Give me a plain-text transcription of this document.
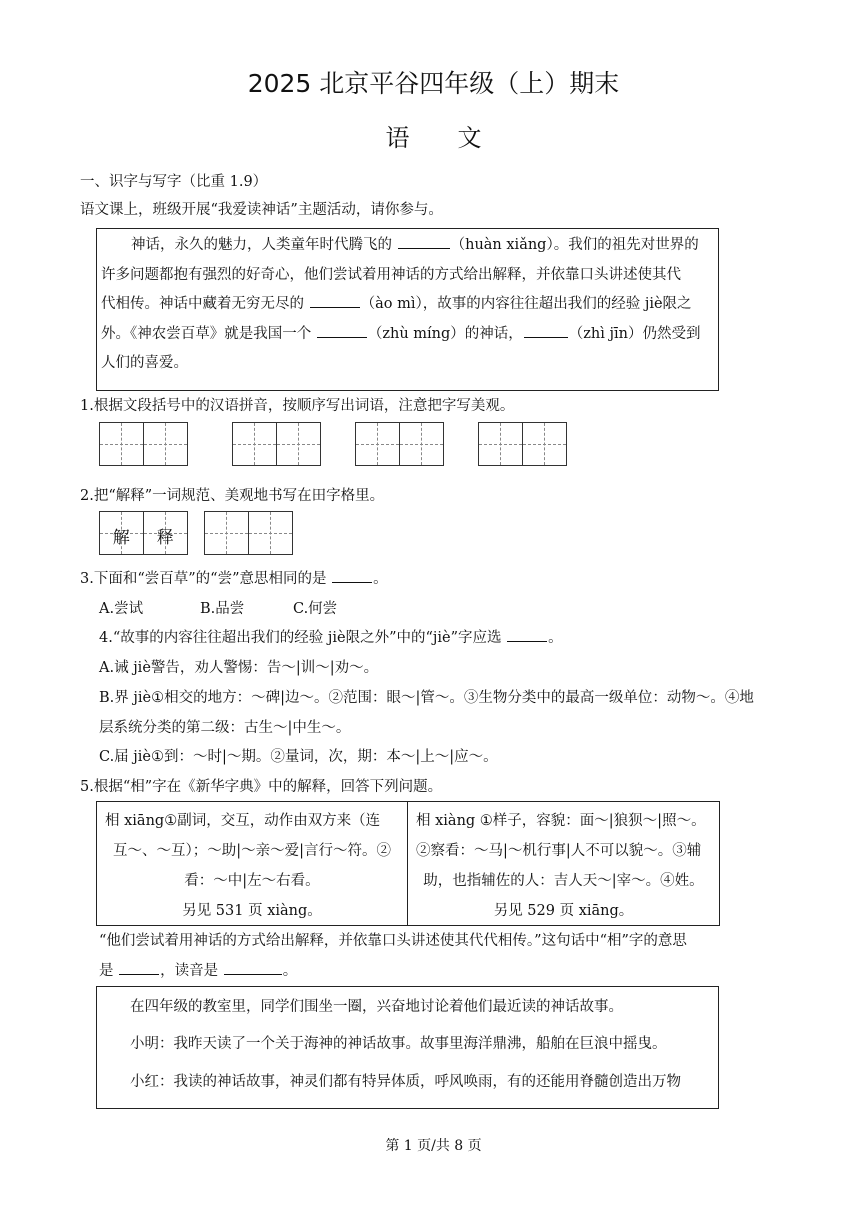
2025 北京平谷四年级（上）期末
语　　文
一、识字与写字（比重 1.9）
语文课上，班级开展“我爱读神话”主题活动，请你参与。

神话，永久的魅力，人类童年时代腾飞的	（huàn xiǎng）。我们的祖先对世界的

许多问题都抱有强烈的好奇心，他们尝试着用神话的方式给出解释，并依靠口头讲述使其代

代相传。神话中藏着无穷无尽的	（ào mì），故事的内容往往超出我们的经验 jiè限之

外。《神农尝百草》就是我国一个	（zhù míng）的神话，	（zhì jīn）仍然受到

人们的喜爱。

1.根据文段括号中的汉语拼音，按顺序写出词语，注意把字写美观。
2.把“解释”一词规范、美观地书写在田字格里。
解	释
3.下面和“尝百草”的“尝”意思相同的是	。
A.尝试	B.品尝	C.何尝
4.“故事的内容往往超出我们的经验 jiè限之外”中的“jiè”字应选	。
A.诫 jiè警告，劝人警惕：告～|训～|劝～。
B.界 jiè①相交的地方：～碑|边～。②范围：眼～|管～。③生物分类中的最高一级单位：动物～。④地
层系统分类的第二级：古生～|中生～。
C.届 jiè①到：～时|～期。②量词，次，期：本～|上～|应～。
5.根据“相”字在《新华字典》中的解释，回答下列问题。
相 xiāng①副词，交互，动作由双方来（连
互～、～互）；～助|～亲～爱|言行～符。②
看：～中|左～右看。
另见 531 页 xiàng。
相 xiàng ①样子，容貌：面～|狼狈～|照～。
②察看：～马|～机行事|人不可以貌～。③辅
助，也指辅佐的人：吉人天～|宰～。④姓。
另见 529 页 xiāng。
“他们尝试着用神话的方式给出解释，并依靠口头讲述使其代代相传。”这句话中“相”字的意思
是	，读音是	。
在四年级的教室里，同学们围坐一圈，兴奋地讨论着他们最近读的神话故事。
小明：我昨天读了一个关于海神的神话故事。故事里海洋鼎沸，船舶在巨浪中摇曳。
小红：我读的神话故事，神灵们都有特异体质，呼风唤雨，有的还能用脊髓创造出万物
第 1 页/共 8 页
